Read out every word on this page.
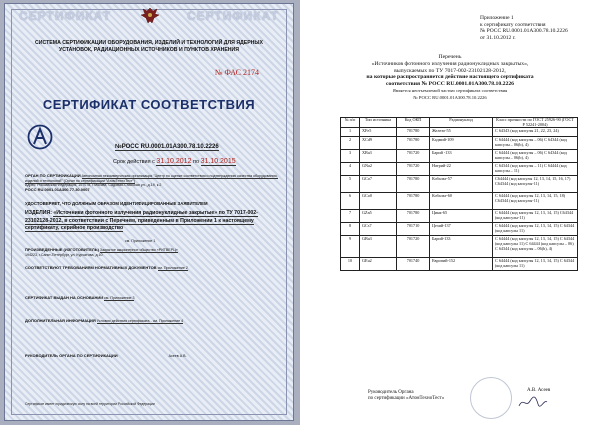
СЕРТИФИКАТ	СЕРТИФИКАТ
СИСТЕМА СЕРТИФИКАЦИИ ОБОРУДОВАНИЯ, ИЗДЕЛИЙ И ТЕХНОЛОГИЙ ДЛЯ ЯДЕРНЫХ УСТАНОВОК, РАДИАЦИОННЫХ ИСТОЧНИКОВ И ПУНКТОВ ХРАНЕНИЯ
№ ФАС 2174
СЕРТИФИКАТ СООТВЕТСТВИЯ
№РОСС RU.0001.01А300.78.10.2226
Срок действия с 31.10.2012 по 31.10.2015
ОРГАН ПО СЕРТИФИКАЦИИ Автономная некоммерческая организация "Центр по оценке соответствия и подтверждению качества оборудования, изделий и технологий" (Орган по сертификации "АтомТехноТест")
Адрес: Российская Федерация, 107078, г.Москва, Садовая-Спасская ул., д.19, к.2
РОСС RU.0001.01А300.77.30.0007
УДОСТОВЕРЯЕТ, ЧТО ДОЛЖНЫМ ОБРАЗОМ ИДЕНТИФИЦИРОВАННЫЕ ЗАЯВИТЕЛЕМ
ИЗДЕЛИЯ: «Источники фотонного излучения радионуклидные закрытые» по ТУ 7017-002-23102128-2012, в соответствии с Перечнем, приведенным в Приложении 1 к настоящему сертификату, серийное производство
см. Приложение 1
ПРОИЗВЕДЕННЫЕ (ИЗГОТОВИТЕЛЬ) Закрытое акционерное общество «РИТВЕРЦ»
194223, г.Санкт-Петербург, ул. Курчатова, д.10
СООТВЕТСТВУЮТ ТРЕБОВАНИЯМ НОРМАТИВНЫХ ДОКУМЕНТОВ см. Приложение 2
СЕРТИФИКАТ ВЫДАН НА ОСНОВАНИИ см. Приложение 3
ДОПОЛНИТЕЛЬНАЯ ИНФОРМАЦИЯ Условия действия сертификата - см. Приложение 4
РУКОВОДИТЕЛЬ ОРГАНА ПО СЕРТИФИКАЦИИ	Асеев А.В.
Сертификат имеет юридическую силу на всей территории Российской Федерации
Приложение 1
к сертификату соответствия
№ РОСС RU.0001.01А300.78.10.2226
от 31.10.2012 г.
Перечень
«Источников фотонного излучения радионуклидных закрытых»,
выпускаемых по ТУ 7017-002-23102128-2012,
на которые распространяется действие настоящего сертификата
соответствия № РОСС RU.0001.01А300.78.10.2226
Является неотъемлемой частью сертификата соответствия
№ РОСС RU.0001.01А300.78.10.2226
№ п/п	Тип источника	Код ОКП	Радионуклид	Класс прочности по ГОСТ 25926-90 (ГОСТ Р 52241-2004)
1	XFe5	701780	Железо-55	С 64343 (код капсулы 21, 22, 23, 24)
2	XCd9	701780	Кадмий-109	С 64444 (код капсулы – 06) С 64344 (код капсулы – 06(b), 4)
3	XBa3	701720	Барий -133	С 64444 (код капсулы – 06) С 64344 (код капсулы – 06(b), 4)
4	GNa2	701720	Натрий-22	С 64344 (код капсулы – 11) С 64444 (код капсулы – 11)
5	GCo7	701780	Кобальт-57	С64444 (код капсулы 12, 13, 14, 15, 16, 17) С64344 (код капсулы-11)
6	GCo0	701780	Кобальт-60	С 64444 (код капсулы 12, 13, 14, 15, 18) С64344 (код капсулы-11)
7	GZn5	701780	Цинк-65	С 64444 (код капсулы 12, 13, 14, 15) С64344 (код капсулы-11)
8	GCs7	701710	Цезий-137	С 64444 (код капсулы 12, 13, 14, 15) С 64344 (код капсулы 11)
9	GBa3	701720	Барий-133	С 64444 (код капсулы 12, 13, 14, 15) С 64344 (код капсулы 11) С 64444 (код капсулы – 06) С 64344 (код капсулы – 06(b), 4)
10	GEu2	701740	Европий-152	С 64444 (код капсулы 12, 13, 14, 15) С 64344 (код капсулы 11)
Руководитель Органа
по сертификации «АтомТехноТест»
А.В. Асеев
